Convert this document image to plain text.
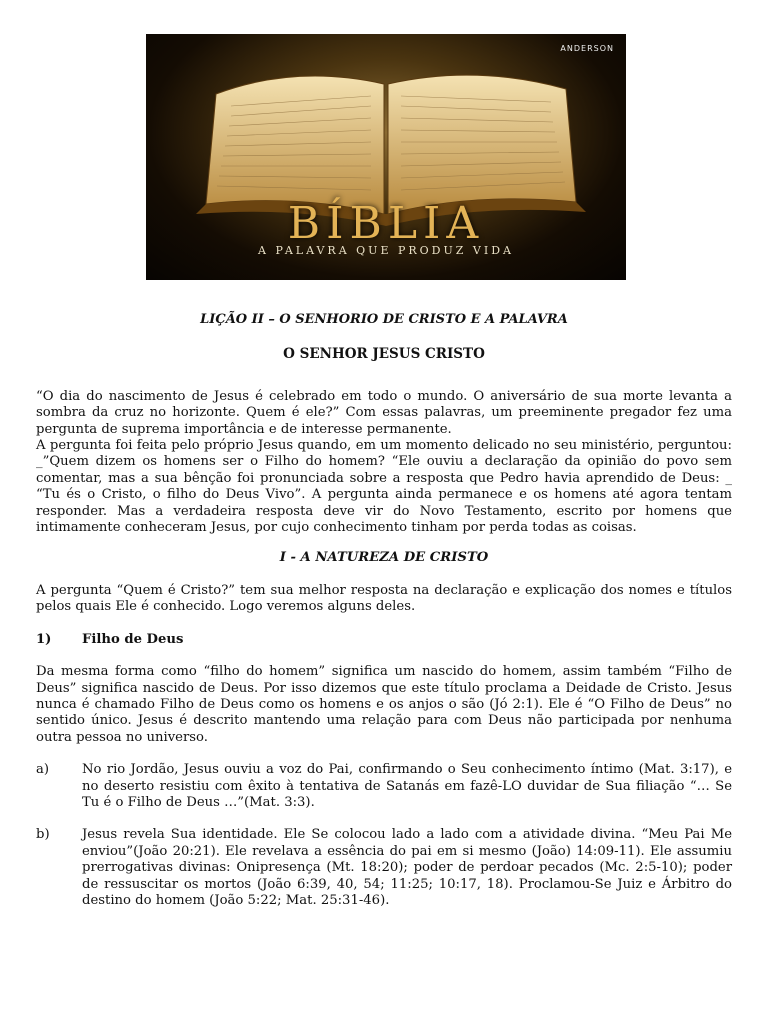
ANDERSON
BÍBLIA
A PALAVRA QUE PRODUZ VIDA
LIÇÃO II – O SENHORIO DE CRISTO E A PALAVRA
O SENHOR JESUS CRISTO

“O dia do nascimento de Jesus é celebrado em todo o mundo. O aniversário de sua morte levanta a sombra da cruz no horizonte. Quem é ele?” Com essas palavras, um preeminente pregador fez uma pergunta de suprema importância e de interesse permanente.

A pergunta foi feita pelo próprio Jesus quando, em um momento delicado no seu ministério, perguntou: _”Quem dizem os homens ser o Filho do homem? “Ele ouviu a declaração da opinião do povo sem comentar, mas a sua bênção foi pronunciada sobre a resposta que Pedro havia aprendido de Deus: _ “Tu és o Cristo, o filho do Deus Vivo”. A pergunta ainda permanece e os homens até agora tentam responder. Mas a verdadeira resposta deve vir do Novo Testamento, escrito por homens que intimamente conheceram Jesus, por cujo conhecimento tinham por perda todas as coisas.

I - A NATUREZA DE CRISTO

A pergunta “Quem é Cristo?” tem sua melhor resposta na declaração e explicação dos nomes e títulos pelos quais Ele é conhecido. Logo veremos alguns deles.

1)	Filho de Deus

Da mesma forma como “filho do homem” significa um nascido do homem, assim também “Filho de Deus” significa nascido de Deus. Por isso dizemos que este título proclama a Deidade de Cristo. Jesus nunca é chamado Filho de Deus como os homens e os anjos o são (Jó 2:1). Ele é “O Filho de Deus” no sentido único. Jesus é descrito mantendo uma relação para com Deus não participada por nenhuma outra pessoa no universo.

a)	No rio Jordão, Jesus ouviu a voz do Pai, confirmando o Seu conhecimento íntimo (Mat. 3:17), e no deserto resistiu com êxito à tentativa de Satanás em fazê-LO duvidar de Sua filiação “… Se Tu é o Filho de Deus …”(Mat. 3:3).
b)	Jesus revela Sua identidade. Ele Se colocou lado a lado com a atividade divina. “Meu Pai Me enviou”(João 20:21). Ele revelava a essência do pai em si mesmo (João) 14:09-11). Ele assumiu prerrogativas divinas: Onipresença (Mt. 18:20); poder de perdoar pecados (Mc. 2:5-10); poder de ressuscitar os mortos (João 6:39, 40, 54; 11:25; 10:17, 18). Proclamou-Se Juiz e Árbitro do destino do homem (João 5:22; Mat. 25:31-46).
